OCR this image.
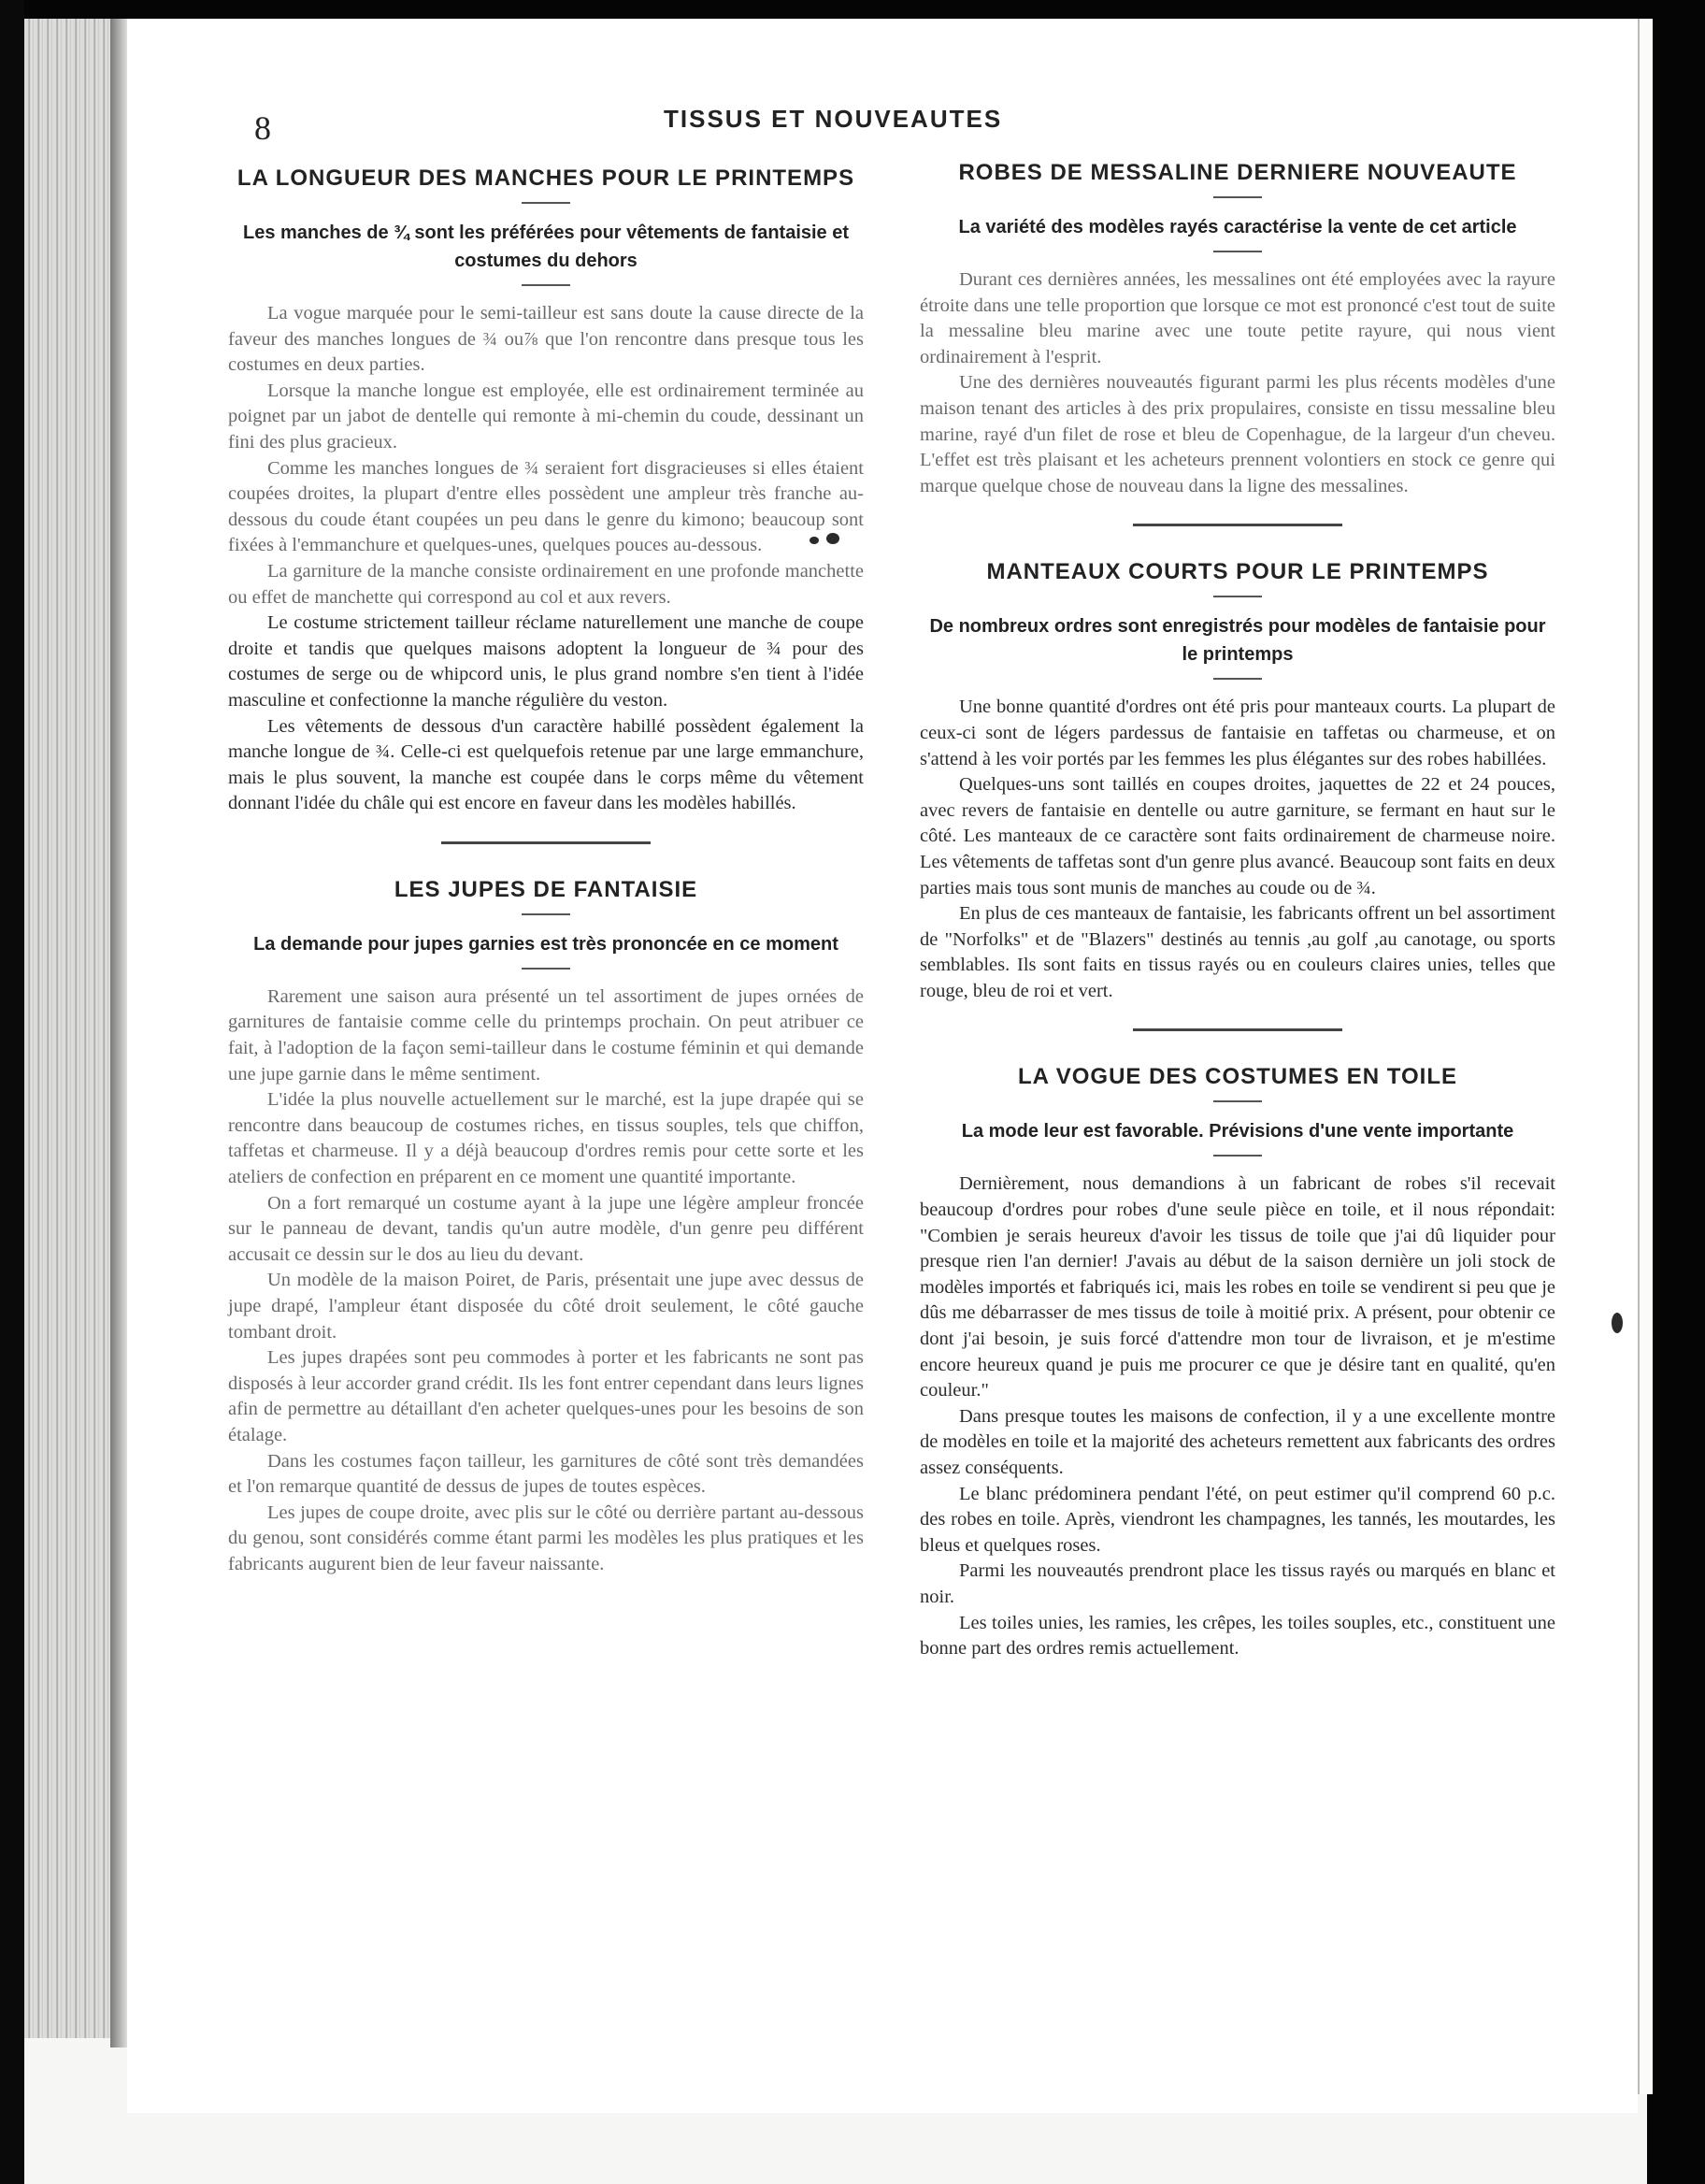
8	TISSUS ET NOUVEAUTES
LA LONGUEUR DES MANCHES POUR LE PRINTEMPS
Les manches de ¾ sont les préférées pour vêtements de fantaisie et costumes du dehors

La vogue marquée pour le semi-tailleur est sans doute la cause directe de la faveur des manches longues de ¾ ou⅞ que l'on rencontre dans presque tous les costumes en deux parties.

Lorsque la manche longue est employée, elle est ordinairement terminée au poignet par un jabot de dentelle qui remonte à mi-chemin du coude, dessinant un fini des plus gracieux.

Comme les manches longues de ¾ seraient fort disgracieuses si elles étaient coupées droites, la plupart d'entre elles possèdent une ampleur très franche au-dessous du coude étant coupées un peu dans le genre du kimono; beaucoup sont fixées à l'emmanchure et quelques-unes, quelques pouces au-dessous.

La garniture de la manche consiste ordinairement en une profonde manchette ou effet de manchette qui correspond au col et aux revers.

Le costume strictement tailleur réclame naturellement une manche de coupe droite et tandis que quelques maisons adoptent la longueur de ¾ pour des costumes de serge ou de whipcord unis, le plus grand nombre s'en tient à l'idée masculine et confectionne la manche régulière du veston.

Les vêtements de dessous d'un caractère habillé possèdent également la manche longue de ¾. Celle-ci est quelquefois retenue par une large emmanchure, mais le plus souvent, la manche est coupée dans le corps même du vêtement donnant l'idée du châle qui est encore en faveur dans les modèles habillés.

LES JUPES DE FANTAISIE
La demande pour jupes garnies est très prononcée en ce moment

Rarement une saison aura présenté un tel assortiment de jupes ornées de garnitures de fantaisie comme celle du printemps prochain. On peut atribuer ce fait, à l'adoption de la façon semi-tailleur dans le costume féminin et qui demande une jupe garnie dans le même sentiment.

L'idée la plus nouvelle actuellement sur le marché, est la jupe drapée qui se rencontre dans beaucoup de costumes riches, en tissus souples, tels que chiffon, taffetas et charmeuse. Il y a déjà beaucoup d'ordres remis pour cette sorte et les ateliers de confection en préparent en ce moment une quantité importante.

On a fort remarqué un costume ayant à la jupe une légère ampleur froncée sur le panneau de devant, tandis qu'un autre modèle, d'un genre peu différent accusait ce dessin sur le dos au lieu du devant.

Un modèle de la maison Poiret, de Paris, présentait une jupe avec dessus de jupe drapé, l'ampleur étant disposée du côté droit seulement, le côté gauche tombant droit.

Les jupes drapées sont peu commodes à porter et les fabricants ne sont pas disposés à leur accorder grand crédit. Ils les font entrer cependant dans leurs lignes afin de permettre au détaillant d'en acheter quelques-unes pour les besoins de son étalage.

Dans les costumes façon tailleur, les garnitures de côté sont très demandées et l'on remarque quantité de dessus de jupes de toutes espèces.

Les jupes de coupe droite, avec plis sur le côté ou derrière partant au-dessous du genou, sont considérés comme étant parmi les modèles les plus pratiques et les fabricants augurent bien de leur faveur naissante.

ROBES DE MESSALINE DERNIERE NOUVEAUTE
La variété des modèles rayés caractérise la vente de cet article

Durant ces dernières années, les messalines ont été employées avec la rayure étroite dans une telle proportion que lorsque ce mot est prononcé c'est tout de suite la messaline bleu marine avec une toute petite rayure, qui nous vient ordinairement à l'esprit.

Une des dernières nouveautés figurant parmi les plus récents modèles d'une maison tenant des articles à des prix propulaires, consiste en tissu messaline bleu marine, rayé d'un filet de rose et bleu de Copenhague, de la largeur d'un cheveu. L'effet est très plaisant et les acheteurs prennent volontiers en stock ce genre qui marque quelque chose de nouveau dans la ligne des messalines.

MANTEAUX COURTS POUR LE PRINTEMPS
De nombreux ordres sont enregistrés pour modèles de fantaisie pour le printemps

Une bonne quantité d'ordres ont été pris pour manteaux courts. La plupart de ceux-ci sont de légers pardessus de fantaisie en taffetas ou charmeuse, et on s'attend à les voir portés par les femmes les plus élégantes sur des robes habillées.

Quelques-uns sont taillés en coupes droites, jaquettes de 22 et 24 pouces, avec revers de fantaisie en dentelle ou autre garniture, se fermant en haut sur le côté. Les manteaux de ce caractère sont faits ordinairement de charmeuse noire. Les vêtements de taffetas sont d'un genre plus avancé. Beaucoup sont faits en deux parties mais tous sont munis de manches au coude ou de ¾.

En plus de ces manteaux de fantaisie, les fabricants offrent un bel assortiment de "Norfolks" et de "Blazers" destinés au tennis ,au golf ,au canotage, ou sports semblables. Ils sont faits en tissus rayés ou en couleurs claires unies, telles que rouge, bleu de roi et vert.

LA VOGUE DES COSTUMES EN TOILE
La mode leur est favorable. Prévisions d'une vente importante

Dernièrement, nous demandions à un fabricant de robes s'il recevait beaucoup d'ordres pour robes d'une seule pièce en toile, et il nous répondait: "Combien je serais heureux d'avoir les tissus de toile que j'ai dû liquider pour presque rien l'an dernier! J'avais au début de la saison dernière un joli stock de modèles importés et fabriqués ici, mais les robes en toile se vendirent si peu que je dûs me débarrasser de mes tissus de toile à moitié prix. A présent, pour obtenir ce dont j'ai besoin, je suis forcé d'attendre mon tour de livraison, et je m'estime encore heureux quand je puis me procurer ce que je désire tant en qualité, qu'en couleur."

Dans presque toutes les maisons de confection, il y a une excellente montre de modèles en toile et la majorité des acheteurs remettent aux fabricants des ordres assez conséquents.

Le blanc prédominera pendant l'été, on peut estimer qu'il comprend 60 p.c. des robes en toile. Après, viendront les champagnes, les tannés, les moutardes, les bleus et quelques roses.

Parmi les nouveautés prendront place les tissus rayés ou marqués en blanc et noir.

Les toiles unies, les ramies, les crêpes, les toiles souples, etc., constituent une bonne part des ordres remis actuellement.
